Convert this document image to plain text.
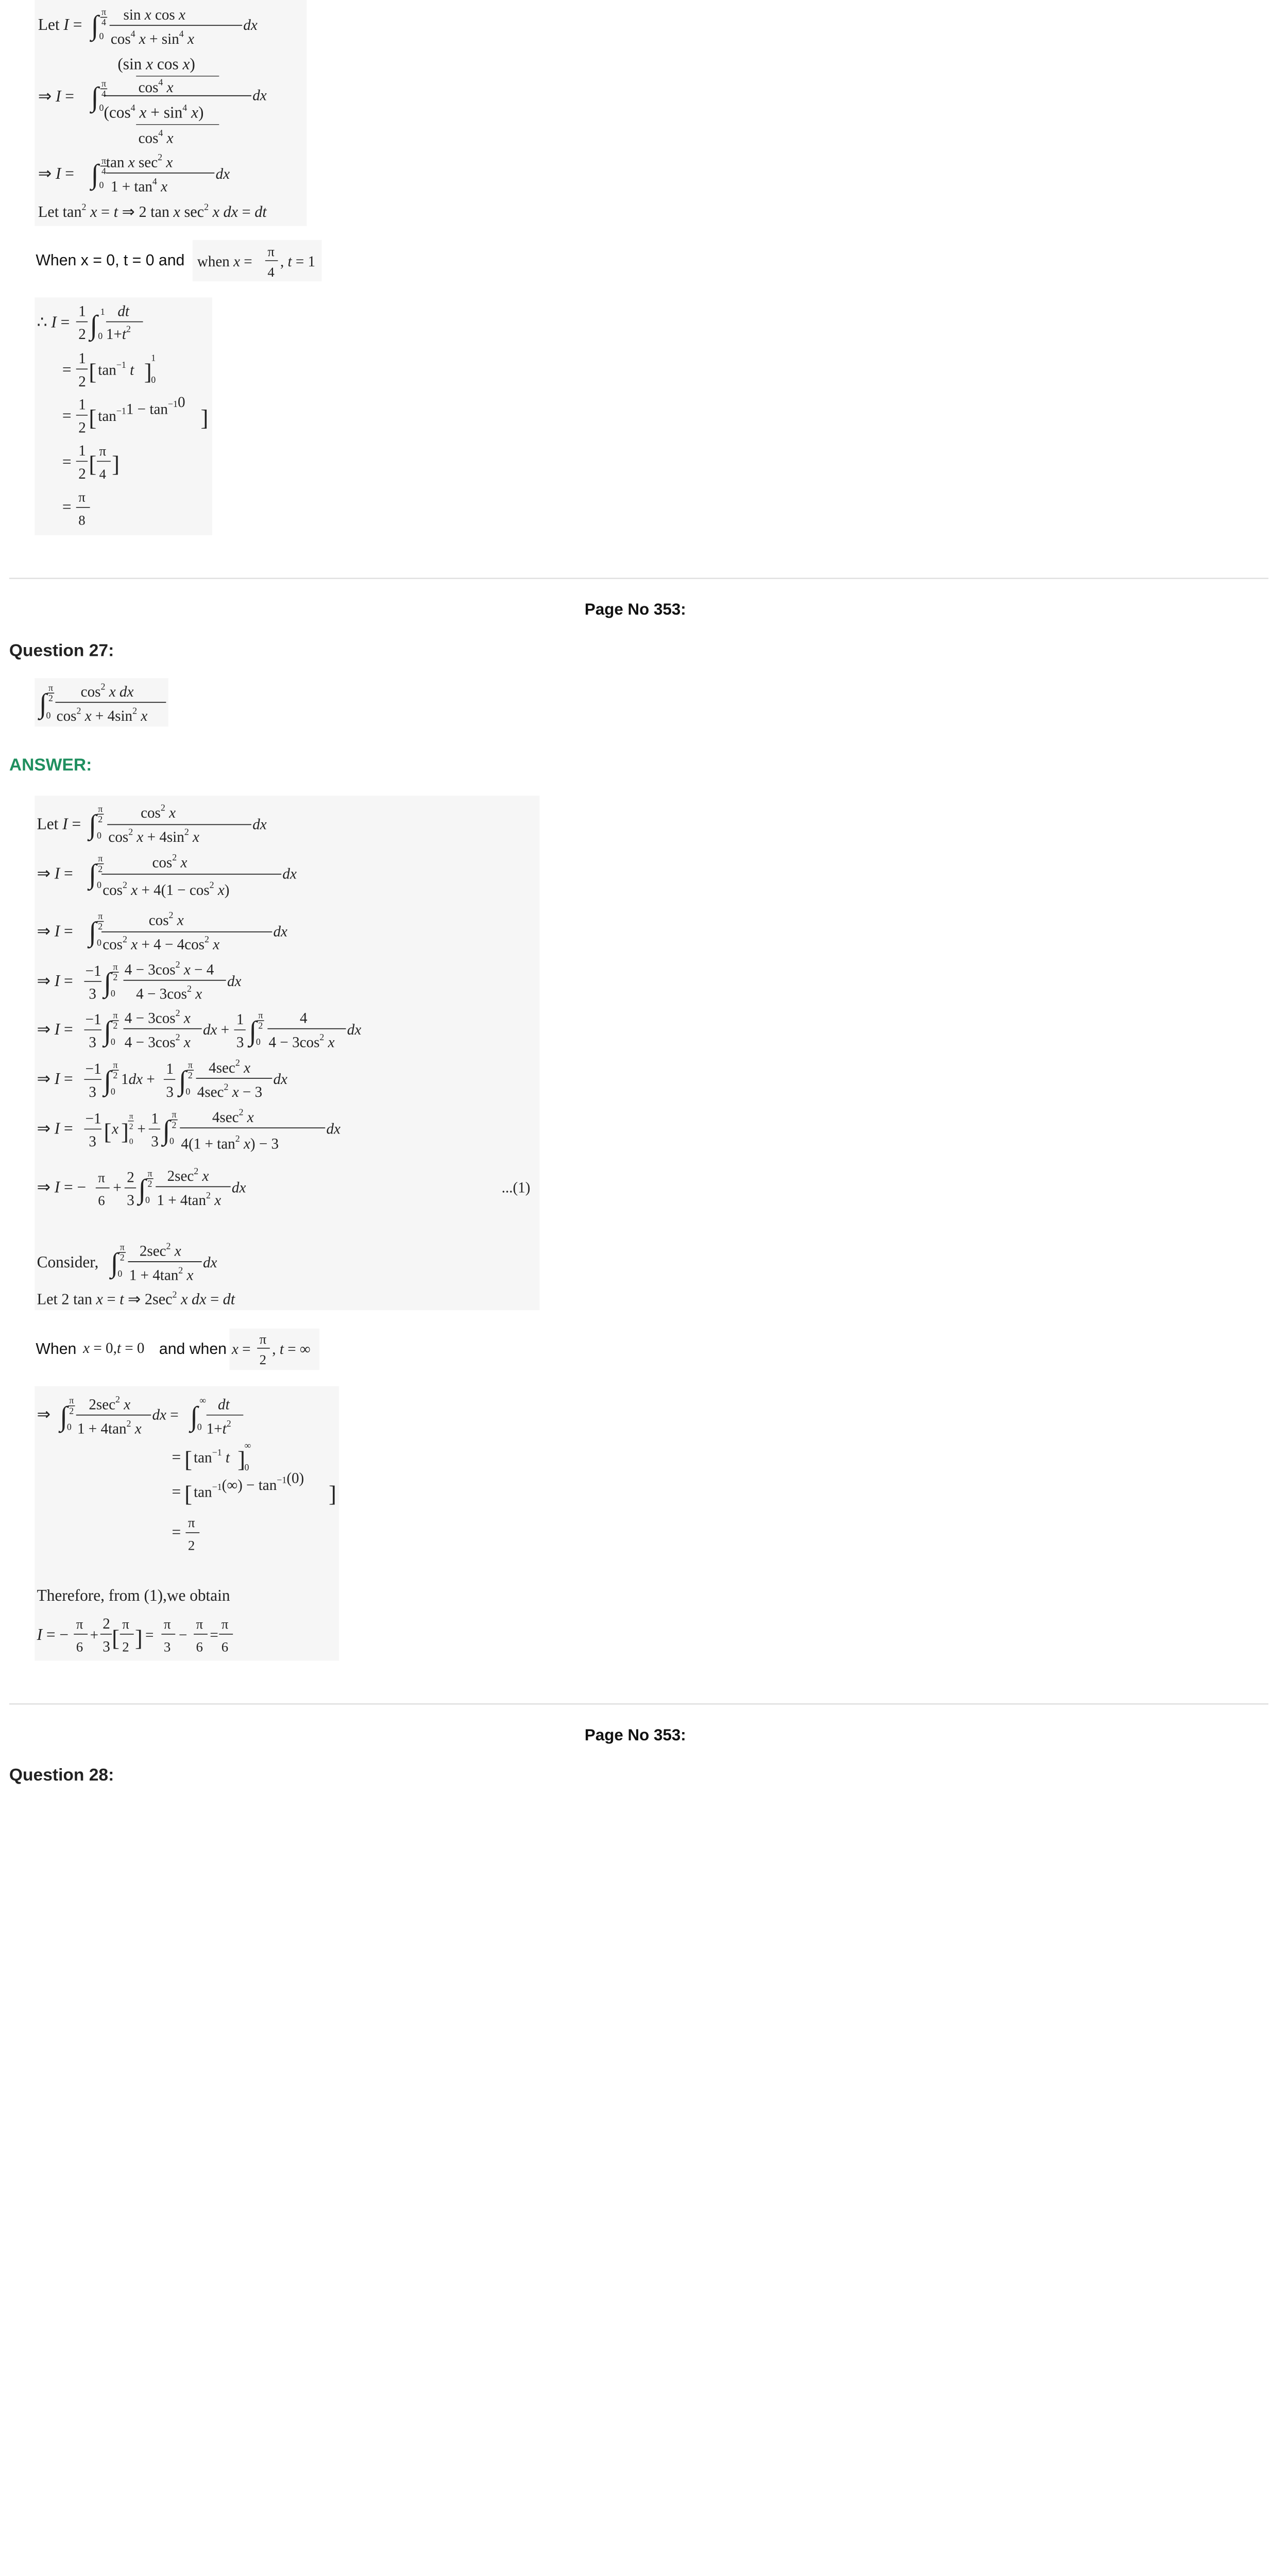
Let I = ∫ π
4
0
sin x cos x
$\cos^4 x + \sin^4 x$
dx
(sin x cos x)
$\cos^4 x$
⇒ I = ∫ π
4
0 ($\cos^4$ $x + \sin^4 x$)
dx
$\cos^4 x$
⇒ I = ∫ π
4
0
tan x $\sec^2 x$
$1 + \tan^4 x$
dx
Let $\tan^2 x = t$ ⇒ 2 tan x $\sec^2 x$ dx = dt
When x = 0, t = 0 and when x =
π
4
, t = 1
∴ I =
1
2 ∫ 1
0
dt
$1+t^2$
=
1
2 [ $\tan^{-1} t$ ]
1
0
=
1
2 [ $\tan^{-1}1 - \tan^{-1}0$
]
=
1
2 [
π
4 ]
=
π
8
Page No 353:
Question 27:
∫
π
2
0
$\cos^2 x$ dx
$\cos^2 x + 4\sin^2$ x
ANSWER:
Let I = ∫
π
2
0
$\cos^2 x$
$\cos^2 x + 4\sin^2$ x
dx
⇒ I = ∫
π
2
0
$\cos^2 x$
$\cos^2 x + 4(1 - \cos^2 x)$
dx
⇒ I = ∫
π
2
0
$\cos^2 x$
$\cos^2 x + 4 - 4\cos^2$ x
dx
⇒ I =
−1
3 ∫
π
2
0
$4 - 3\cos^2$ x − 4
$4 - 3\cos^2$ x
dx
⇒ I =
−1
3 ∫
π
2
0
$4 - 3\cos^2$ x
$4 - 3\cos^2$ x
dx +
1
3 ∫
π
2
0
4
$4 - 3\cos^2$ x
dx
⇒ I =
−1
3 ∫
π
2
0
1dx +
1
3 ∫
π
2
0
$4\sec^2$ x
$4\sec^2$ x − 3
dx
⇒ I =
−1
3 [ x ]
π
2
0
+
1
3 ∫
π
2
0
$4\sec^2$ x
$4(1 + \tan^2 x) - 3$
dx
⇒ I = −
π
6
+
2
3 ∫
π
2
0
$2\sec^2$ x
$1 + 4\tan^2$ x
dx	...(1)
Consider, ∫
π
2
0
$2\sec^2$ x
$1 + 4\tan^2$ x
dx
Let 2 tan x = t ⇒ $2\sec^2$ x dx = dt
When x = 0,t = 0 and when x =
π
2
, t = ∞
⇒ ∫
π
2
0
$2\sec^2$ x
$1 + 4\tan^2$ x
dx = ∫
∞
0
dt
$1+t^2$
= [ $\tan^{-1} t$ ]
∞
0
= [ $\tan^{-1}(\infty) - \tan^{-1}(0)$
]
=
π
2
Therefore, from (1),we obtain
I = −
π
6
+
2
3 [
π
2 ] =
π
3
−
π
6
=
π
6
Page No 353:
Question 28:
